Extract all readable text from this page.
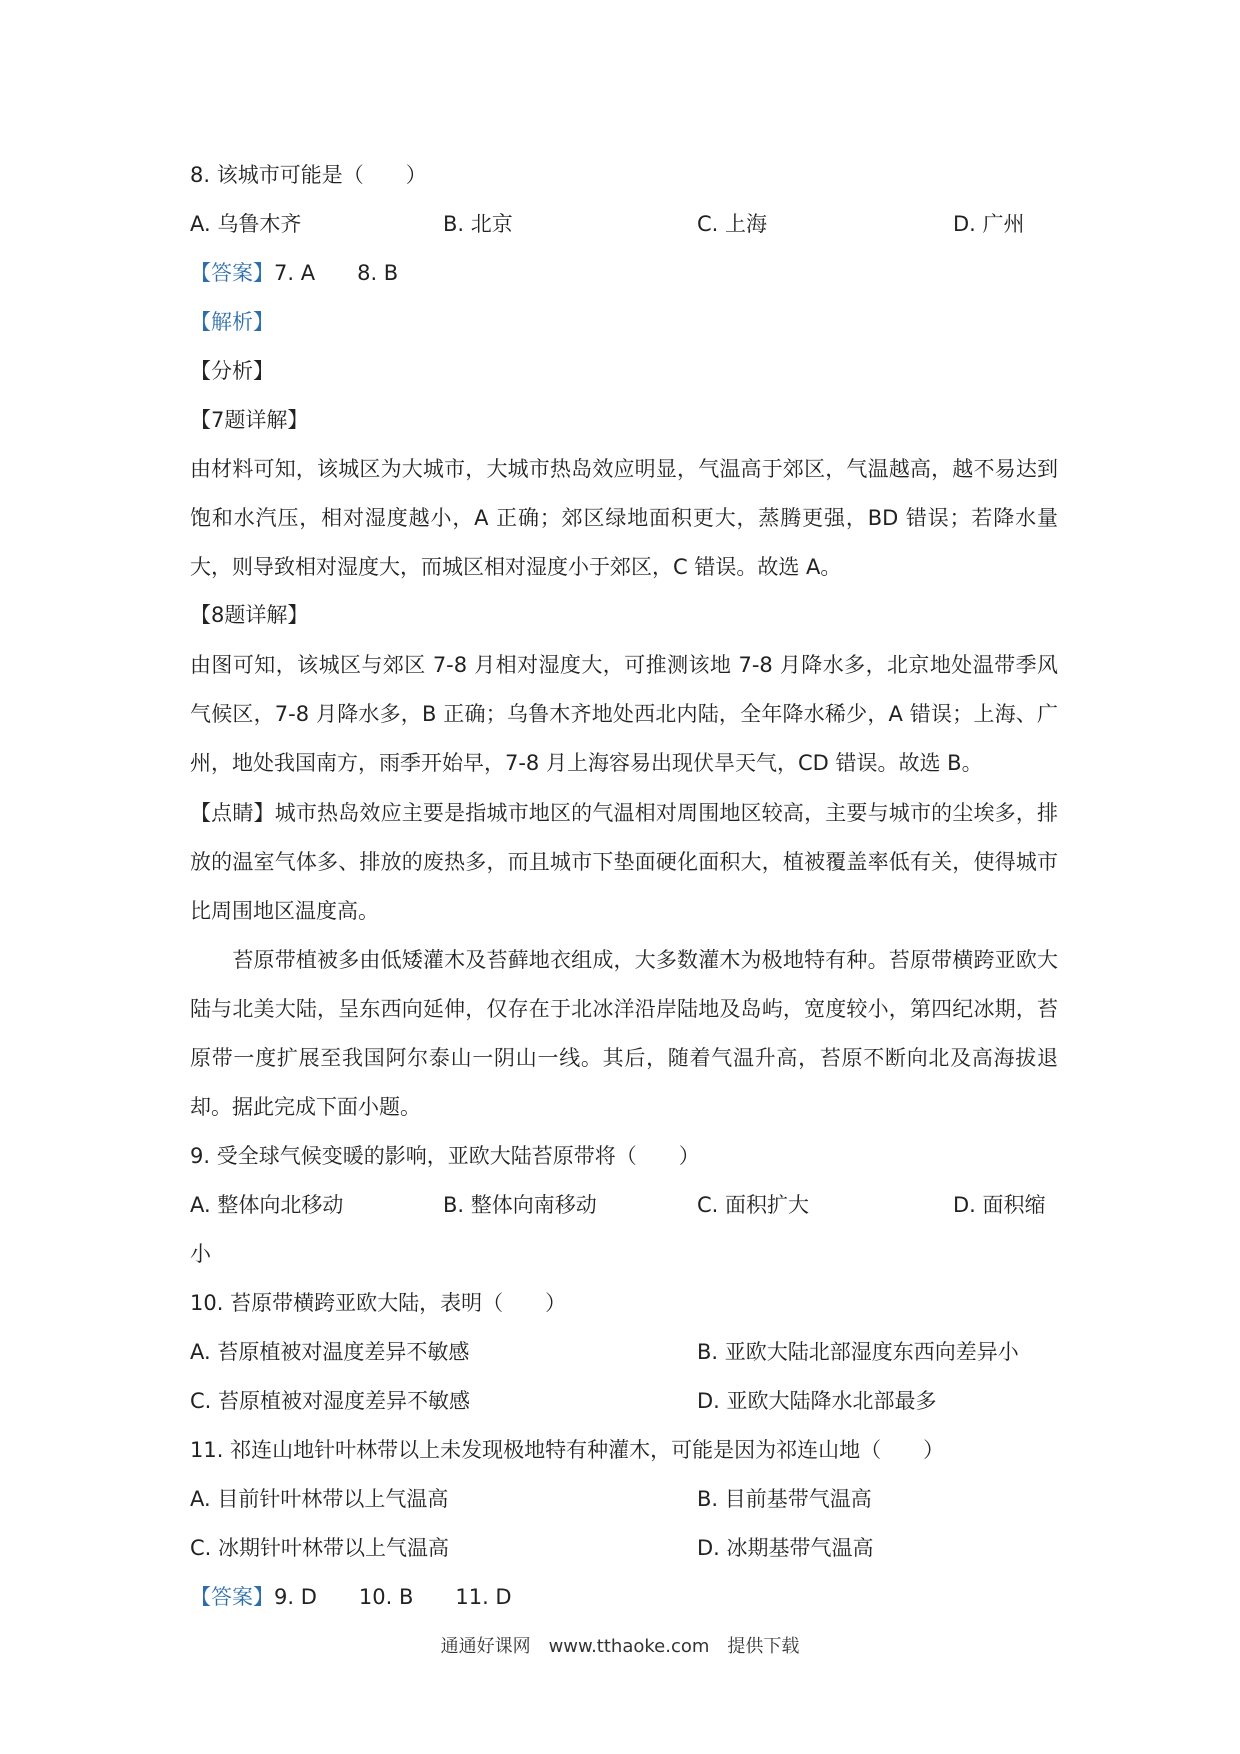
8. 该城市可能是（　　）
A. 乌鲁木齐	B. 北京	C. 上海	D. 广州
【答案】7. A　　8. B
【解析】
【分析】
【7题详解】
由材料可知，该城区为大城市，大城市热岛效应明显，气温高于郊区，气温越高，越不易达到饱和水汽压，相对湿度越小，A 正确；郊区绿地面积更大，蒸腾更强，BD 错误；若降水量大，则导致相对湿度大，而城区相对湿度小于郊区，C 错误。故选 A。
【8题详解】
由图可知，该城区与郊区 7-8 月相对湿度大，可推测该地 7-8 月降水多，北京地处温带季风气候区，7-8 月降水多，B 正确；乌鲁木齐地处西北内陆，全年降水稀少，A 错误；上海、广州，地处我国南方，雨季开始早，7-8 月上海容易出现伏旱天气，CD 错误。故选 B。
【点睛】城市热岛效应主要是指城市地区的气温相对周围地区较高，主要与城市的尘埃多，排放的温室气体多、排放的废热多，而且城市下垫面硬化面积大，植被覆盖率低有关，使得城市比周围地区温度高。
　　苔原带植被多由低矮灌木及苔藓地衣组成，大多数灌木为极地特有种。苔原带横跨亚欧大陆与北美大陆，呈东西向延伸，仅存在于北冰洋沿岸陆地及岛屿，宽度较小，第四纪冰期，苔原带一度扩展至我国阿尔泰山一阴山一线。其后，随着气温升高，苔原不断向北及高海拔退却。据此完成下面小题。
9. 受全球气候变暖的影响，亚欧大陆苔原带将（　　）
A. 整体向北移动	B. 整体向南移动	C. 面积扩大	D. 面积缩
小
10. 苔原带横跨亚欧大陆，表明（　　）
A. 苔原植被对温度差异不敏感	B. 亚欧大陆北部湿度东西向差异小
C. 苔原植被对湿度差异不敏感	D. 亚欧大陆降水北部最多
11. 祁连山地针叶林带以上未发现极地特有种灌木，可能是因为祁连山地（　　）
A. 目前针叶林带以上气温高	B. 目前基带气温高
C. 冰期针叶林带以上气温高	D. 冰期基带气温高
【答案】9. D　　10. B　　11. D
通通好课网　www.tthaoke.com　提供下载
